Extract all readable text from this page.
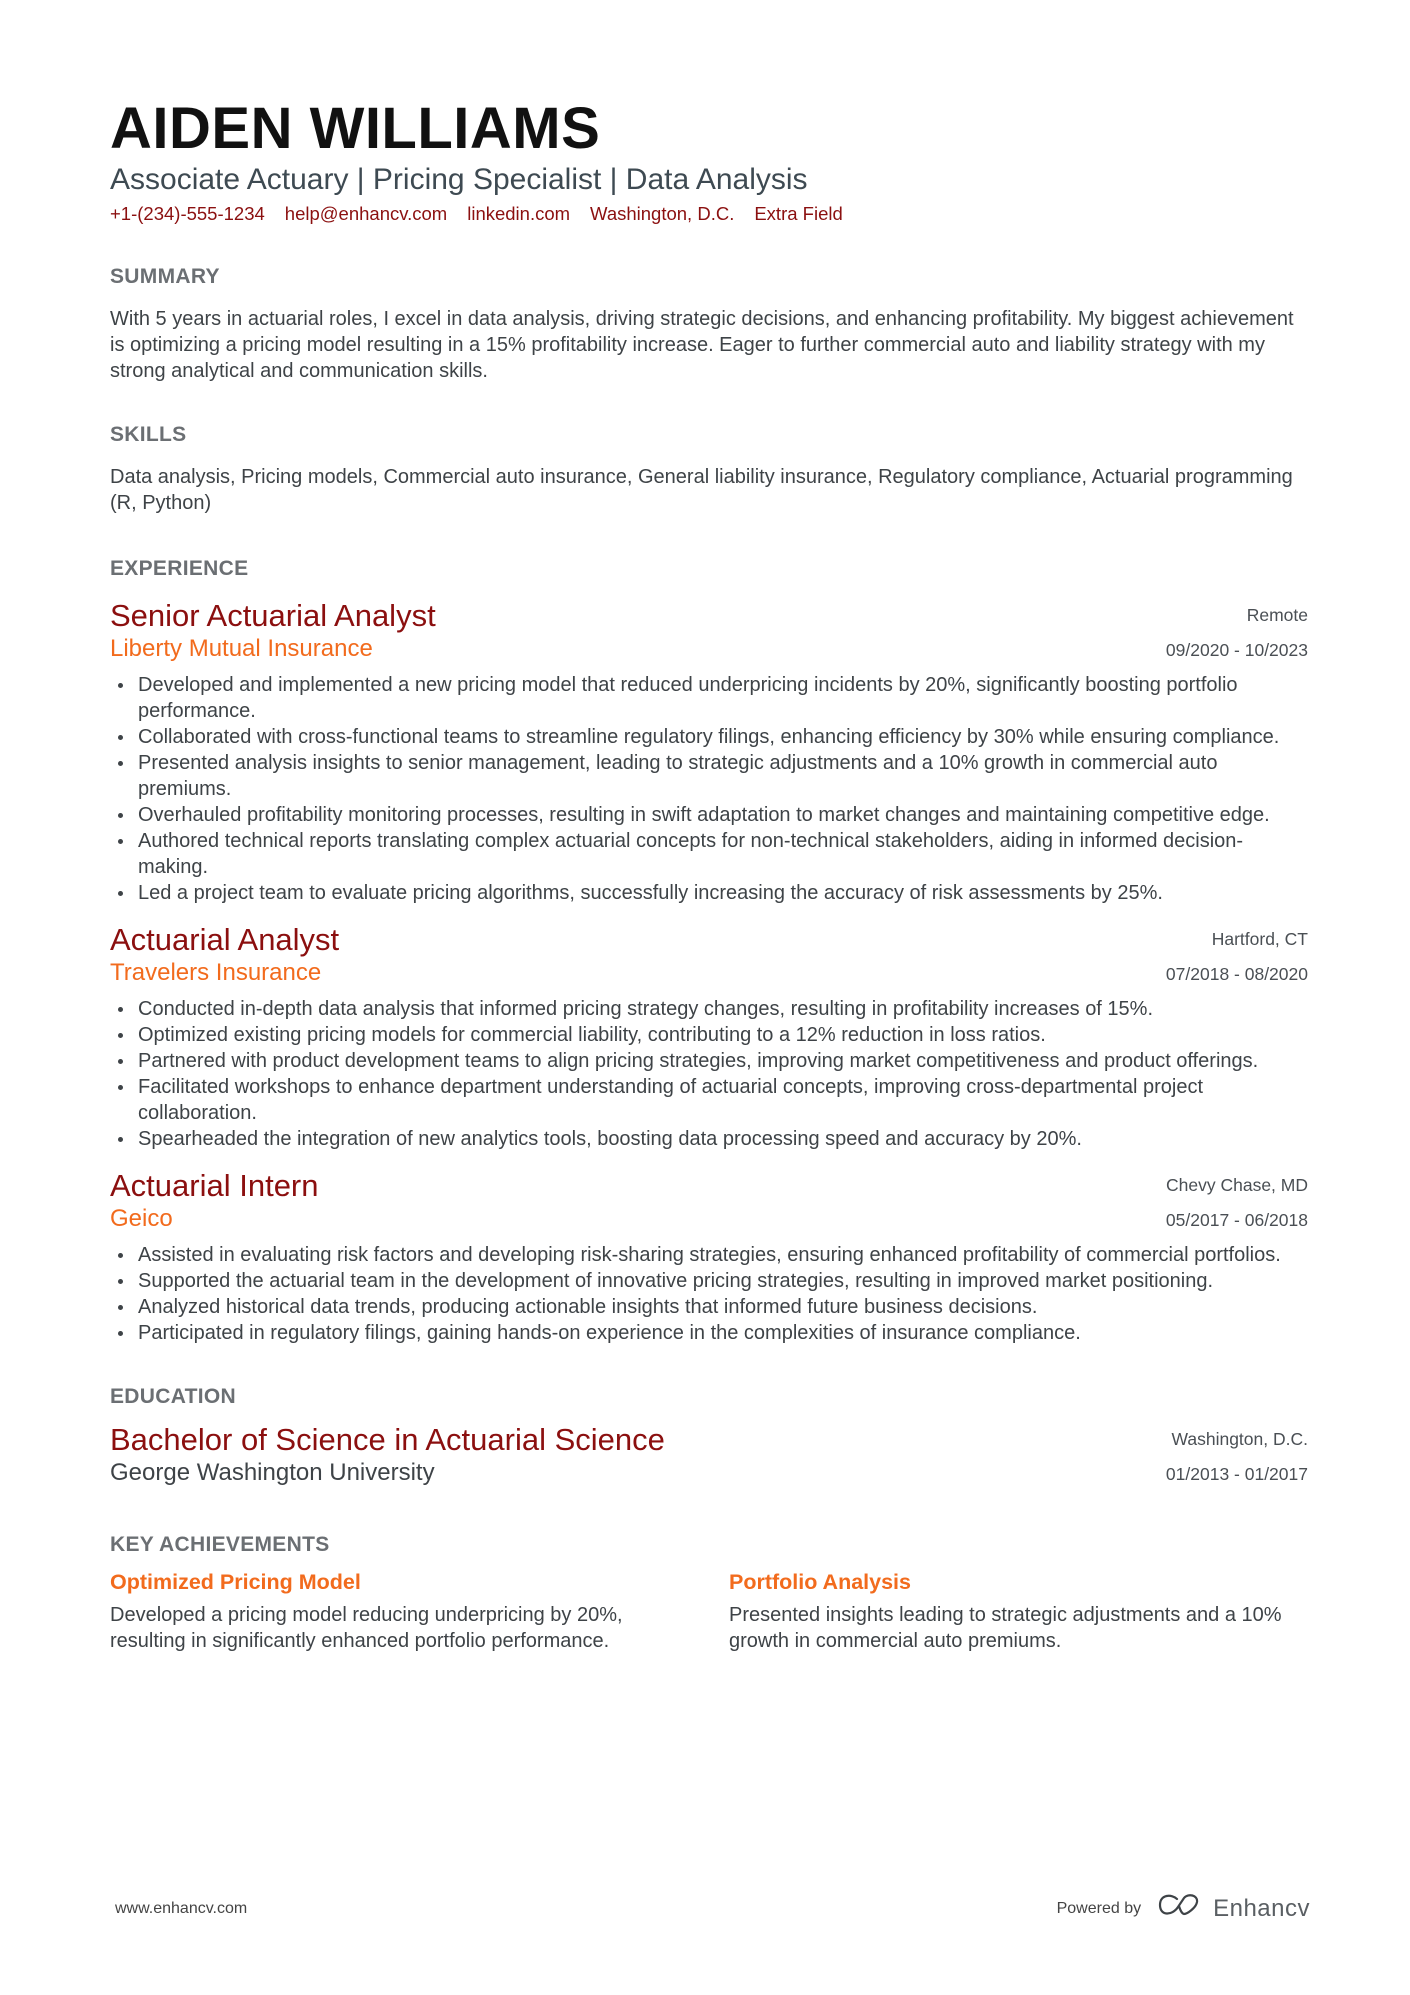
AIDEN WILLIAMS
Associate Actuary | Pricing Specialist | Data Analysis
+1-(234)-555-1234 help@enhancv.com linkedin.com Washington, D.C. Extra Field
SUMMARY
With 5 years in actuarial roles, I excel in data analysis, driving strategic decisions, and enhancing profitability. My biggest achievement is optimizing a pricing model resulting in a 15% profitability increase. Eager to further commercial auto and liability strategy with my strong analytical and communication skills.
SKILLS
Data analysis, Pricing models, Commercial auto insurance, General liability insurance, Regulatory compliance, Actuarial programming (R, Python)
EXPERIENCE
Senior Actuarial Analyst
Liberty Mutual Insurance
Remote
09/2020 - 10/2023
Developed and implemented a new pricing model that reduced underpricing incidents by 20%, significantly boosting portfolio performance.
Collaborated with cross-functional teams to streamline regulatory filings, enhancing efficiency by 30% while ensuring compliance.
Presented analysis insights to senior management, leading to strategic adjustments and a 10% growth in commercial auto premiums.
Overhauled profitability monitoring processes, resulting in swift adaptation to market changes and maintaining competitive edge.
Authored technical reports translating complex actuarial concepts for non-technical stakeholders, aiding in informed decision-making.
Led a project team to evaluate pricing algorithms, successfully increasing the accuracy of risk assessments by 25%.
Actuarial Analyst
Travelers Insurance
Hartford, CT
07/2018 - 08/2020
Conducted in-depth data analysis that informed pricing strategy changes, resulting in profitability increases of 15%.
Optimized existing pricing models for commercial liability, contributing to a 12% reduction in loss ratios.
Partnered with product development teams to align pricing strategies, improving market competitiveness and product offerings.
Facilitated workshops to enhance department understanding of actuarial concepts, improving cross-departmental project collaboration.
Spearheaded the integration of new analytics tools, boosting data processing speed and accuracy by 20%.
Actuarial Intern
Geico
Chevy Chase, MD
05/2017 - 06/2018
Assisted in evaluating risk factors and developing risk-sharing strategies, ensuring enhanced profitability of commercial portfolios.
Supported the actuarial team in the development of innovative pricing strategies, resulting in improved market positioning.
Analyzed historical data trends, producing actionable insights that informed future business decisions.
Participated in regulatory filings, gaining hands-on experience in the complexities of insurance compliance.
EDUCATION
Bachelor of Science in Actuarial Science
George Washington University
Washington, D.C.
01/2013 - 01/2017
KEY ACHIEVEMENTS
Optimized Pricing Model
Developed a pricing model reducing underpricing by 20%, resulting in significantly enhanced portfolio performance.
Portfolio Analysis
Presented insights leading to strategic adjustments and a 10% growth in commercial auto premiums.
www.enhancv.com	Powered by	Enhancv
